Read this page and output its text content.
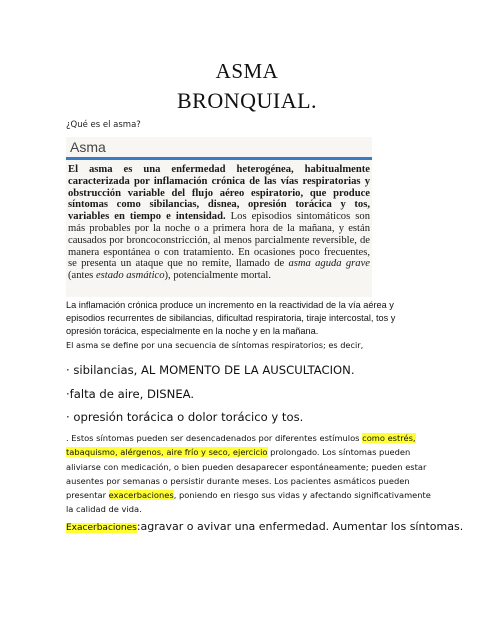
ASMA
BRONQUIAL.
¿Qué es el asma?
Asma
El asma es una enfermedad heterogénea, habitualmente caracterizada por inflamación crónica de las vías respiratorias y obstrucción variable del flujo aéreo espiratorio, que produce síntomas como sibilancias, disnea, opresión torácica y tos, variables en tiempo e intensidad. Los episodios sintomáticos son más probables por la noche o a primera hora de la mañana, y están causados por broncoconstricción, al menos parcialmente reversible, de manera espontánea o con tratamiento. En ocasiones poco frecuentes, se presenta un ataque que no remite, llamado de asma aguda grave (antes estado asmático), potencialmente mortal.
La inflamación crónica produce un incremento en la reactividad de la vía aérea y episodios recurrentes de sibilancias, dificultad respiratoria, tiraje intercostal, tos y opresión torácica, especialmente en la noche y en la mañana.
El asma se define por una secuencia de síntomas respiratorios; es decir,
· sibilancias, AL MOMENTO DE LA AUSCULTACION.
·falta de aire, DISNEA.
· opresión torácica o dolor torácico y tos.
. Estos síntomas pueden ser desencadenados por diferentes estímulos como estrés, tabaquismo, alérgenos, aire frío y seco, ejercicio prolongado. Los síntomas pueden aliviarse con medicación, o bien pueden desaparecer espontáneamente; pueden estar ausentes por semanas o persistir durante meses. Los pacientes asmáticos pueden presentar exacerbaciones, poniendo en riesgo sus vidas y afectando significativamente la calidad de vida.
Exacerbaciones:agravar o avivar una enfermedad. Aumentar los síntomas.
